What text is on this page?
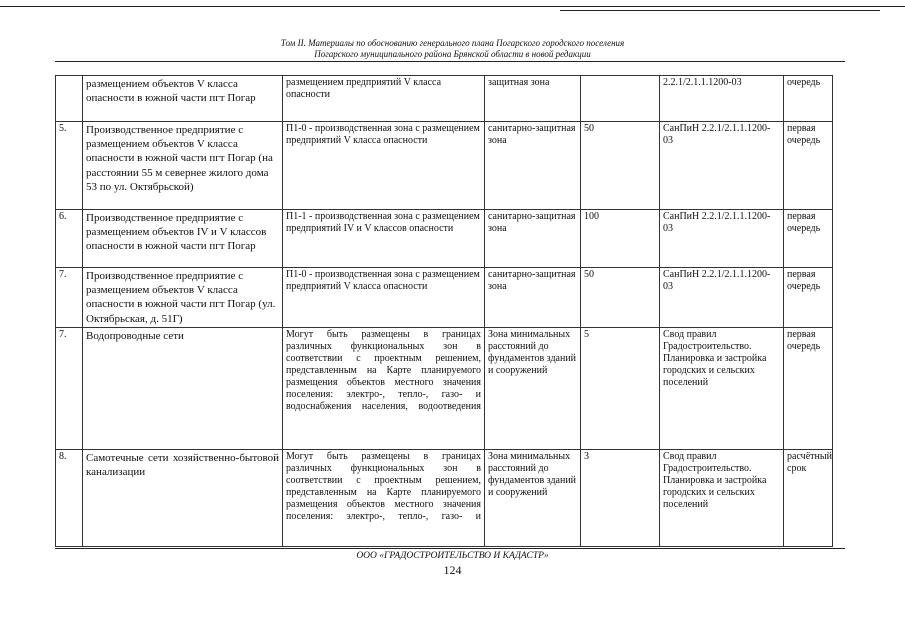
Том II. Материалы по обоснованию генерального плана Погарского городского поселения
Погарского муниципального района Брянской области в новой редакции
	размещением объектов V класса опасности в южной части пгт Погар	размещением предприятий V класса опасности	защитная зона		2.2.1/2.1.1.1200-03	очередь
5.	Производственное предприятие с размещением объектов V класса опасности в южной части пгт Погар (на расстоянии 55 м севернее жилого дома 53 по ул. Октябрьской)	П1-0 - производственная зона с размещением предприятий V класса опасности	санитарно-защитная зона	50	СанПиН 2.2.1/2.1.1.1200-03	первая очередь
6.	Производственное предприятие с размещением объектов IV и V классов опасности в южной части пгт Погар	П1-1 - производственная зона с размещением предприятий IV и V классов опасности	санитарно-защитная зона	100	СанПиН 2.2.1/2.1.1.1200-03	первая очередь
7.	Производственное предприятие с размещением объектов V класса опасности в южной части пгт Погар (ул. Октябрьская, д. 51Г)	П1-0 - производственная зона с размещением предприятий V класса опасности	санитарно-защитная зона	50	СанПиН 2.2.1/2.1.1.1200-03	первая очередь
7.	Водопроводные сети	Могут быть размещены в границах различных функциональных зон в соответствии с проектным решением, представленным на Карте планируемого размещения объектов местного значения поселения: электро-, тепло-, газо- и водоснабжения населения, водоотведения	Зона минимальных расстояний до фундаментов зданий и сооружений	5	Свод правил Градостроительство. Планировка и застройка городских и сельских поселений	первая очередь
8.	Самотечные сети хозяйственно-бытовой канализации	Могут быть размещены в границах различных функциональных зон в соответствии с проектным решением, представленным на Карте планируемого размещения объектов местного значения поселения: электро-, тепло-, газо- и	Зона минимальных расстояний до фундаментов зданий и сооружений	3	Свод правил Градостроительство. Планировка и застройка городских и сельских поселений	расчётный срок
ООО «ГРАДОСТРОИТЕЛЬСТВО И КАДАСТР»
124
